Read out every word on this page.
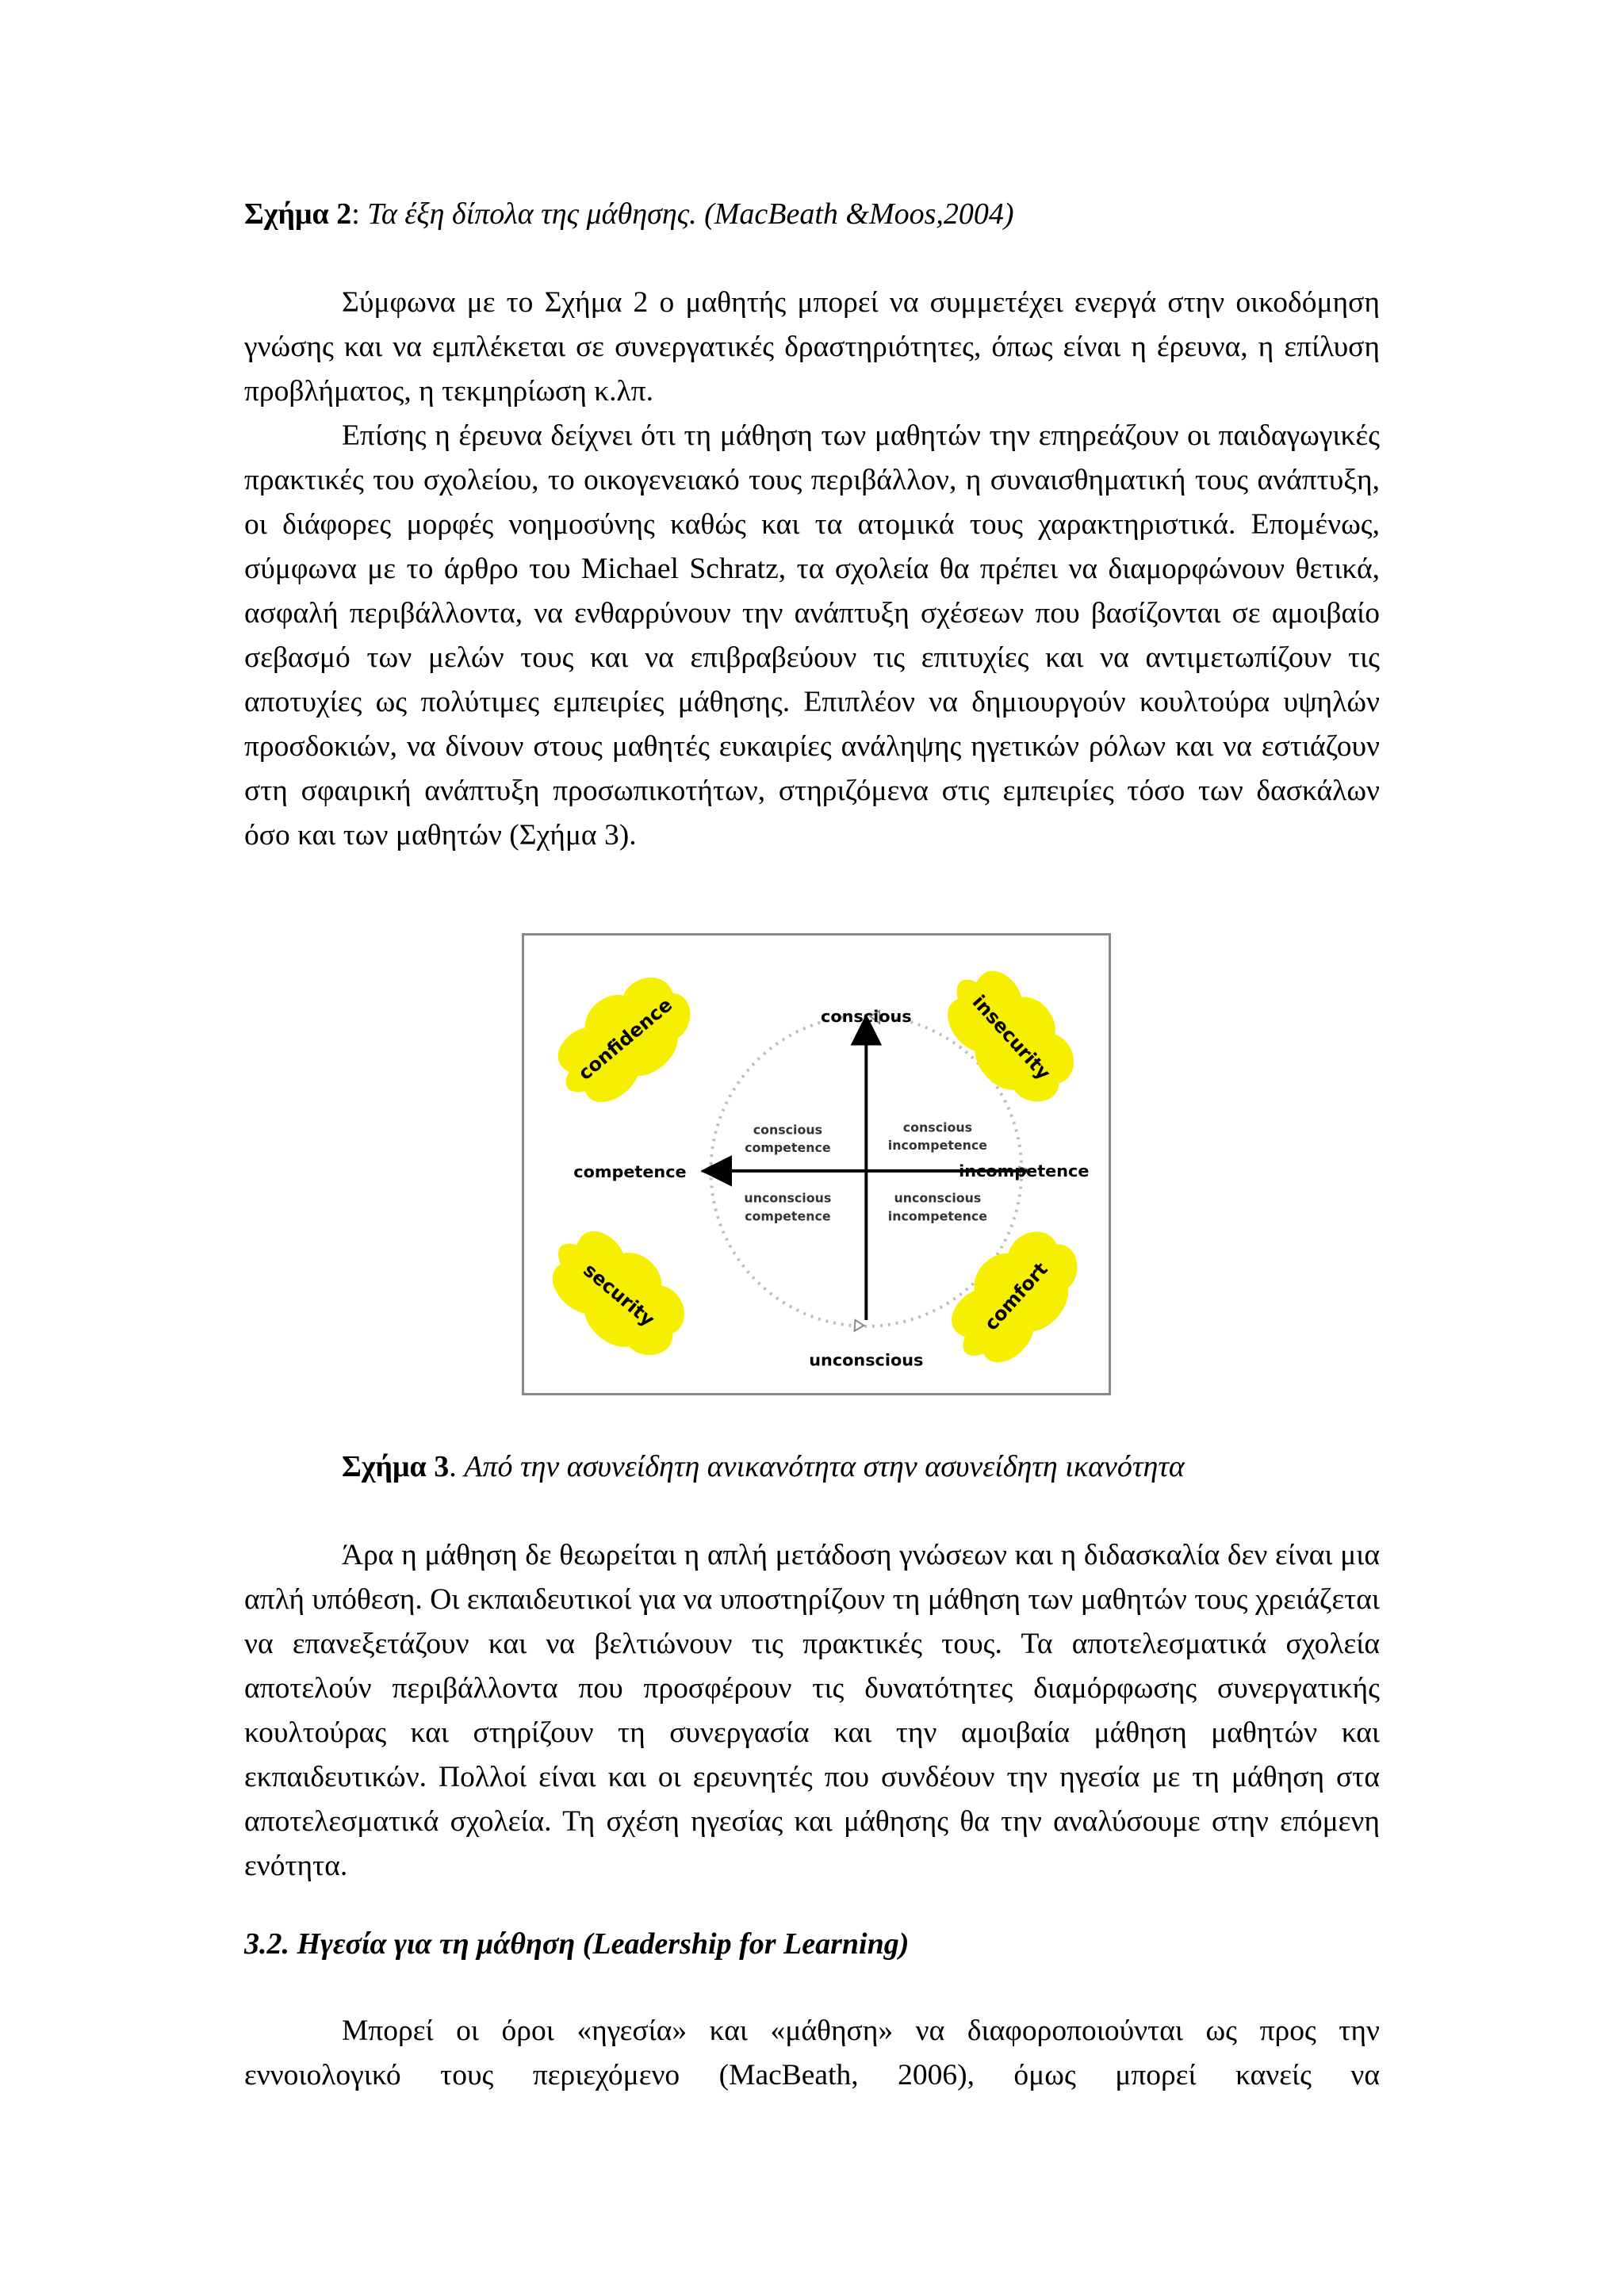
Σχήμα 2: Τα έξη δίπολα της μάθησης. (MacBeath &Moos,2004)

Σύμφωνα με το Σχήμα 2 ο μαθητής μπορεί να συμμετέχει ενεργά στην οικοδόμηση γνώσης και να εμπλέκεται σε συνεργατικές δραστηριότητες, όπως είναι η έρευνα, η επίλυση προβλήματος, η τεκμηρίωση κ.λπ.

Επίσης η έρευνα δείχνει ότι τη μάθηση των μαθητών την επηρεάζουν οι παιδαγωγικές πρακτικές του σχολείου, το οικογενειακό τους περιβάλλον, η συναισθηματική τους ανάπτυξη, οι διάφορες μορφές νοημοσύνης καθώς και τα ατομικά τους χαρακτηριστικά. Επομένως, σύμφωνα με το άρθρο του Michael Schratz, τα σχολεία θα πρέπει να διαμορφώνουν θετικά, ασφαλή περιβάλλοντα, να ενθαρρύνουν την ανάπτυξη σχέσεων που βασίζονται σε αμοιβαίο σεβασμό των μελών τους και να επιβραβεύουν τις επιτυχίες και να αντιμετωπίζουν τις αποτυχίες ως πολύτιμες εμπειρίες μάθησης. Επιπλέον να δημιουργούν κουλτούρα υψηλών προσδοκιών, να δίνουν στους μαθητές ευκαιρίες ανάληψης ηγετικών ρόλων και να εστιάζουν στη σφαιρική ανάπτυξη προσωπικοτήτων, στηριζόμενα στις εμπειρίες τόσο των δασκάλων όσο και των μαθητών (Σχήμα 3).

conscious
unconscious
competence	incompetence
conscious
competence
conscious
incompetence
unconscious
competence
unconscious
incompetence
confidence	insecurity
security	comfort
Σχήμα 3. Από την ασυνείδητη ανικανότητα στην ασυνείδητη ικανότητα

Άρα η μάθηση δε θεωρείται η απλή μετάδοση γνώσεων και η διδασκαλία δεν είναι μια απλή υπόθεση. Οι εκπαιδευτικοί για να υποστηρίζουν τη μάθηση των μαθητών τους χρειάζεται να επανεξετάζουν και να βελτιώνουν τις πρακτικές τους. Τα αποτελεσματικά σχολεία αποτελούν περιβάλλοντα που προσφέρουν τις δυνατότητες διαμόρφωσης συνεργατικής κουλτούρας και στηρίζουν τη συνεργασία και την αμοιβαία μάθηση μαθητών και εκπαιδευτικών. Πολλοί είναι και οι ερευνητές που συνδέουν την ηγεσία με τη μάθηση στα αποτελεσματικά σχολεία. Τη σχέση ηγεσίας και μάθησης θα την αναλύσουμε στην επόμενη ενότητα.

3.2. Ηγεσία για τη μάθηση (Leadership for Learning)

Μπορεί οι όροι «ηγεσία» και «μάθηση» να διαφοροποιούνται ως προς την εννοιολογικό τους περιεχόμενο (MacBeath, 2006), όμως μπορεί κανείς να
